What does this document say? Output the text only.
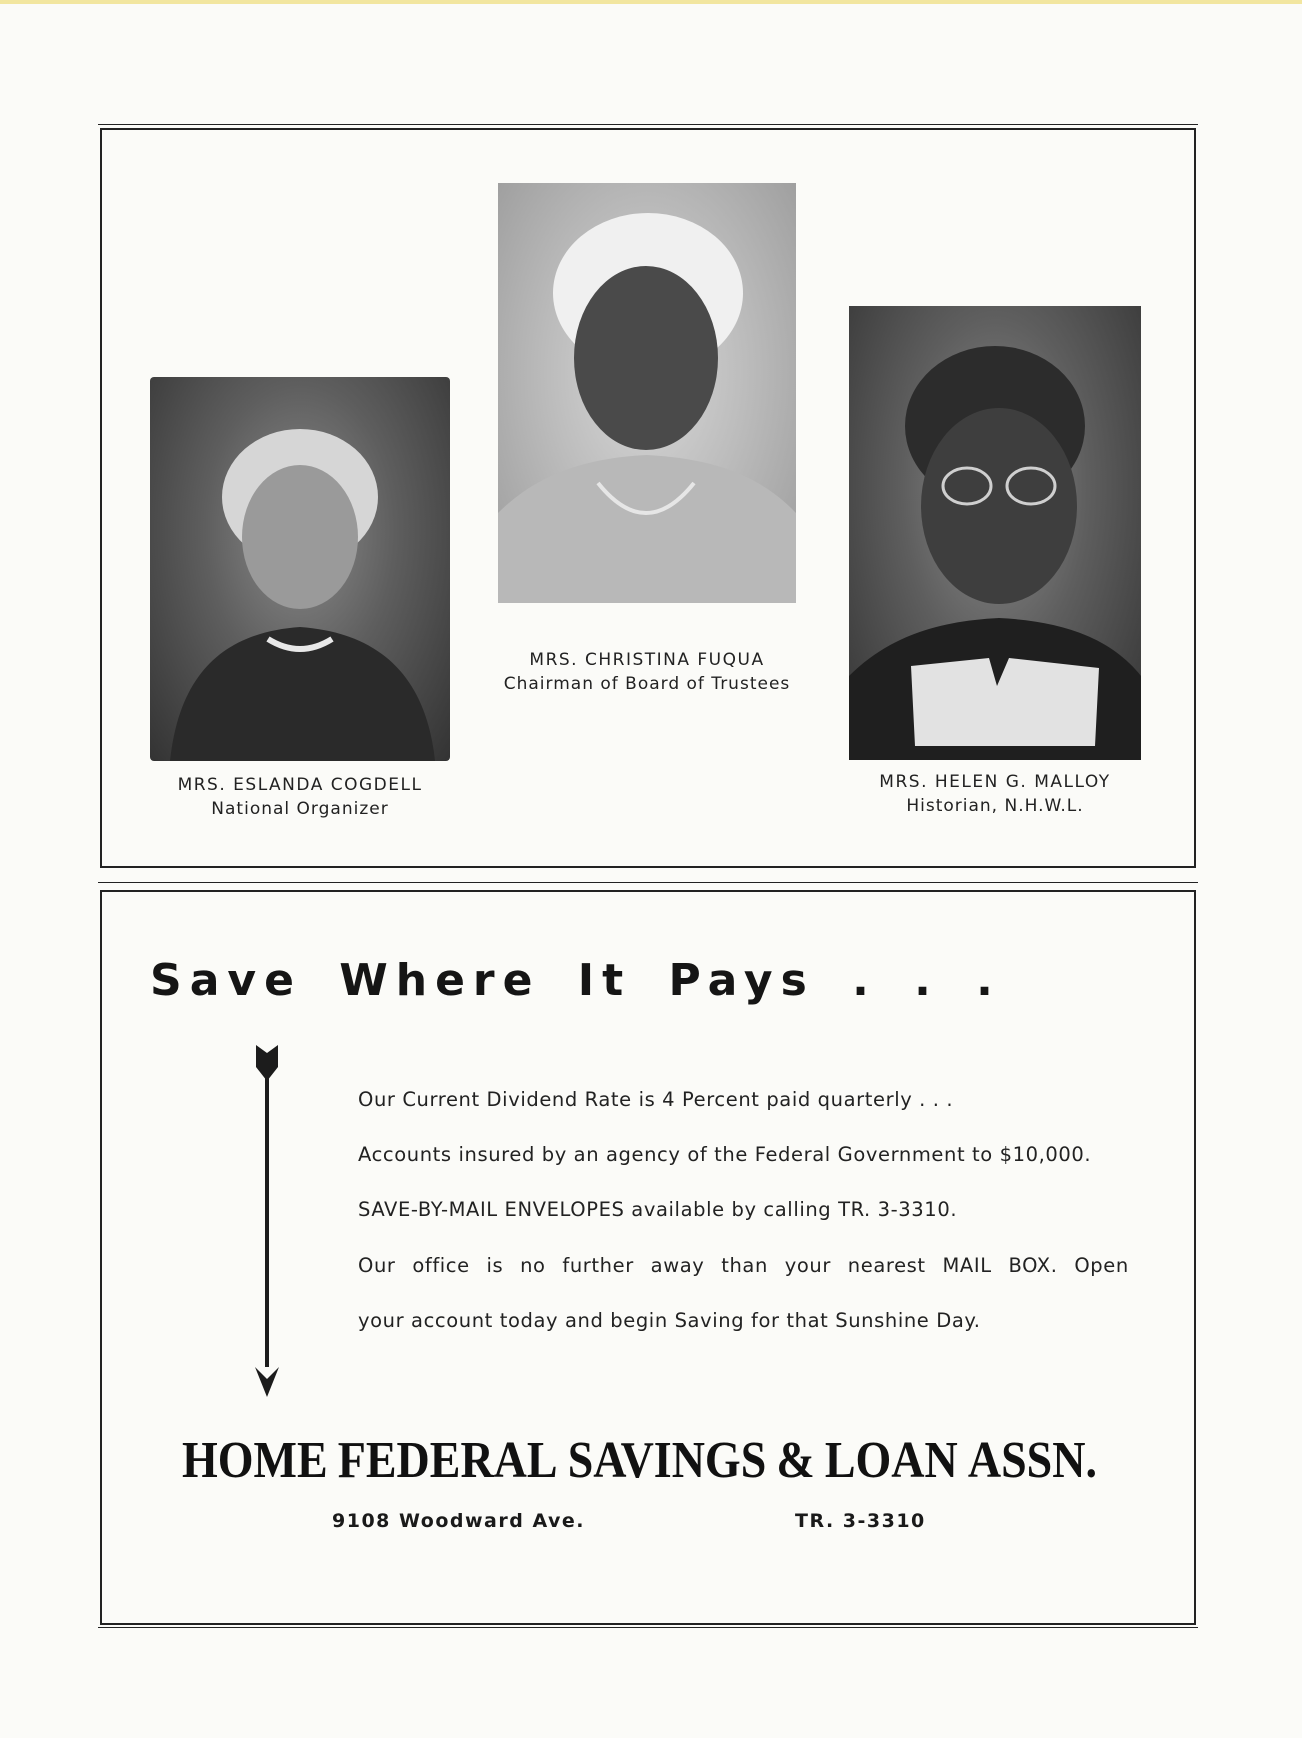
MRS. ESLANDA COGDELL
National Organizer
MRS. CHRISTINA FUQUA
Chairman of Board of Trustees
MRS. HELEN G. MALLOY
Historian, N.H.W.L.
Save Where It Pays . . .
Our Current Dividend Rate is 4 Percent paid quarterly . . .
Accounts insured by an agency of the Federal Government to $10,000.
SAVE-BY-MAIL ENVELOPES available by calling TR. 3-3310.
Our office is no further away than your nearest MAIL BOX. Open
your account today and begin Saving for that Sunshine Day.
HOME FEDERAL SAVINGS & LOAN ASSN.
9108 Woodward Ave.	TR. 3-3310
